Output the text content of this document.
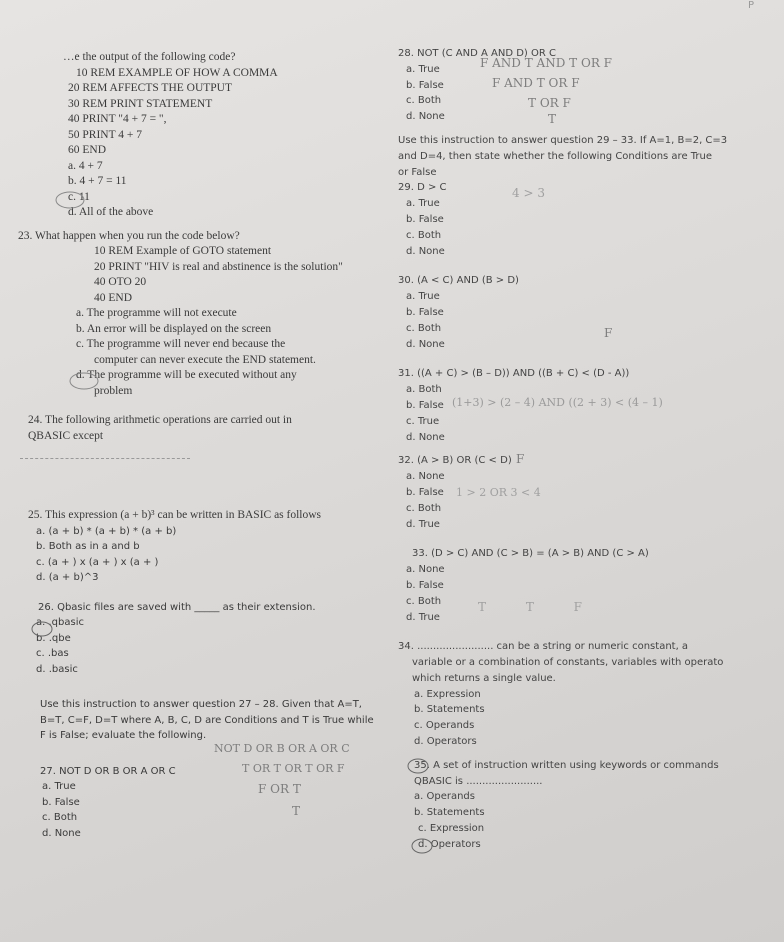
P
…e the output of the following code?
10 REM EXAMPLE OF HOW A COMMA
20 REM AFFECTS THE OUTPUT
30 REM PRINT STATEMENT
40 PRINT "4 + 7 = ",
50 PRINT 4 + 7
60 END
a. 4 + 7
b. 4 + 7 = 11
c. 11
d. All of the above
23. What happen when you run the code below?
10 REM Example of GOTO statement
20 PRINT "HIV is real and abstinence is the solution"
40 OTO 20
40 END
a. The programme will not execute
b. An error will be displayed on the screen
c. The programme will never end because the
computer can never execute the END statement.
d. The programme will be executed without any
problem
24. The following arithmetic operations are carried out in
QBASIC except
25. This expression (a + b)³ can be written in BASIC as follows
a. (a + b) * (a + b) * (a + b)
b. Both as in a and b
c. (a + ) x (a + ) x (a + )
d. (a + b)^3
26. Qbasic files are saved with _____ as their extension.
a. .qbasic
b. .qbe
c. .bas
d. .basic
Use this instruction to answer question 27 – 28. Given that A=T,
B=T, C=F, D=T where A, B, C, D are Conditions and T is True while
F is False; evaluate the following.
27. NOT D OR B OR A OR C
a. True
b. False
c. Both
d. None
28. NOT (C AND A AND D) OR C
a. True
b. False
c. Both
d. None
Use this instruction to answer question 29 – 33. If A=1, B=2, C=3
and D=4, then state whether the following Conditions are True
or False
29. D > C
a. True
b. False
c. Both
d. None
30. (A < C) AND (B > D)
a. True
b. False
c. Both
d. None
31. ((A + C) > (B – D)) AND ((B + C) < (D - A))
a. Both
b. False
c. True
d. None
32. (A > B) OR (C < D)
a. None
b. False
c. Both
d. True
33. (D > C) AND (C > B) = (A > B) AND (C > A)
a. None
b. False
c. Both
d. True
34. ........................ can be a string or numeric constant, a
variable or a combination of constants, variables with operato
which returns a single value.
a. Expression
b. Statements
c. Operands
d. Operators
35. A set of instruction written using keywords or commands
QBASIC is ........................
a. Operands
b. Statements
c. Expression
d. Operators
F AND T AND T OR F
F AND T OR F
T OR F
T
4 > 3
F
(1+3) > (2 – 4) AND ((2 + 3) < (4 – 1)
1 > 2 OR 3 < 4
F
T T F
NOT D OR B OR A OR C
T OR T OR T OR F
F OR T
T
